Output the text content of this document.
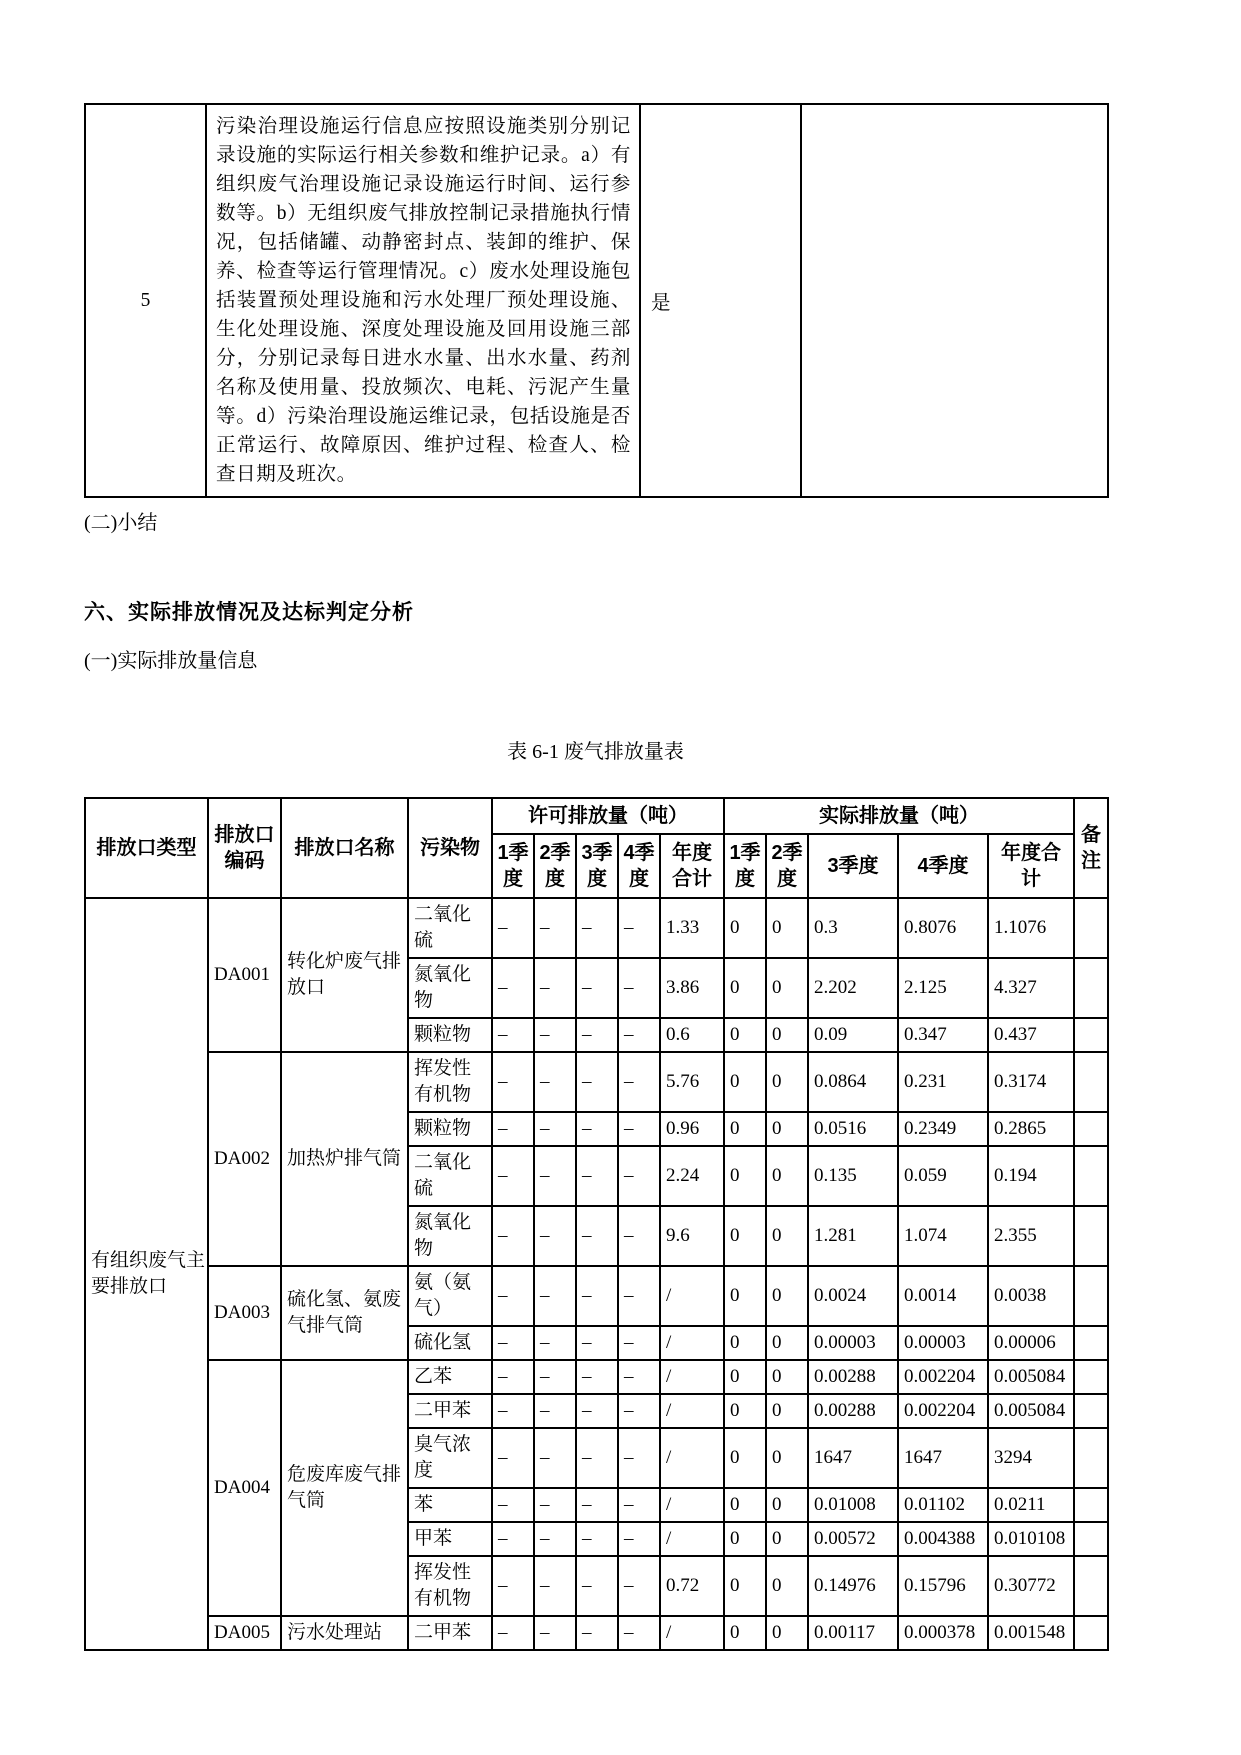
5	污染治理设施运行信息应按照设施类别分别记录设施的实际运行相关参数和维护记录。a）有组织废气治理设施记录设施运行时间、运行参数等。b）无组织废气排放控制记录措施执行情况，包括储罐、动静密封点、装卸的维护、保养、检查等运行管理情况。c）废水处理设施包括装置预处理设施和污水处理厂预处理设施、生化处理设施、深度处理设施及回用设施三部分，分别记录每日进水水量、出水水量、药剂名称及使用量、投放频次、电耗、污泥产生量等。d）污染治理设施运维记录，包括设施是否正常运行、故障原因、维护过程、检查人、检查日期及班次。	是	

(二)小结

六、实际排放情况及达标判定分析

(一)实际排放量信息

表 6-1 废气排放量表
排放口类型	排放口编码	排放口名称	污染物	许可排放量（吨）					实际排放量（吨）					备注
				1季度	2季度	3季度	4季度	年度合计	1季度	2季度	3季度	4季度	年度合计	
有组织废气主要排放口	DA001	转化炉废气排放口	二氧化硫	–	–	–	–	1.33	0	0	0.3	0.8076	1.1076	
			氮氧化物	–	–	–	–	3.86	0	0	2.202	2.125	4.327	
			颗粒物	–	–	–	–	0.6	0	0	0.09	0.347	0.437	
	DA002	加热炉排气筒	挥发性有机物	–	–	–	–	5.76	0	0	0.0864	0.231	0.3174	
			颗粒物	–	–	–	–	0.96	0	0	0.0516	0.2349	0.2865	
			二氧化硫	–	–	–	–	2.24	0	0	0.135	0.059	0.194	
			氮氧化物	–	–	–	–	9.6	0	0	1.281	1.074	2.355	
	DA003	硫化氢、氨废气排气筒	氨（氨气）	–	–	–	–	/	0	0	0.0024	0.0014	0.0038	
			硫化氢	–	–	–	–	/	0	0	0.00003	0.00003	0.00006	
	DA004	危废库废气排气筒	乙苯	–	–	–	–	/	0	0	0.00288	0.002204	0.005084	
			二甲苯	–	–	–	–	/	0	0	0.00288	0.002204	0.005084	
			臭气浓度	–	–	–	–	/	0	0	1647	1647	3294	
			苯	–	–	–	–	/	0	0	0.01008	0.01102	0.0211	
			甲苯	–	–	–	–	/	0	0	0.00572	0.004388	0.010108	
			挥发性有机物	–	–	–	–	0.72	0	0	0.14976	0.15796	0.30772	
	DA005	污水处理站	二甲苯	–	–	–	–	/	0	0	0.00117	0.000378	0.001548	
